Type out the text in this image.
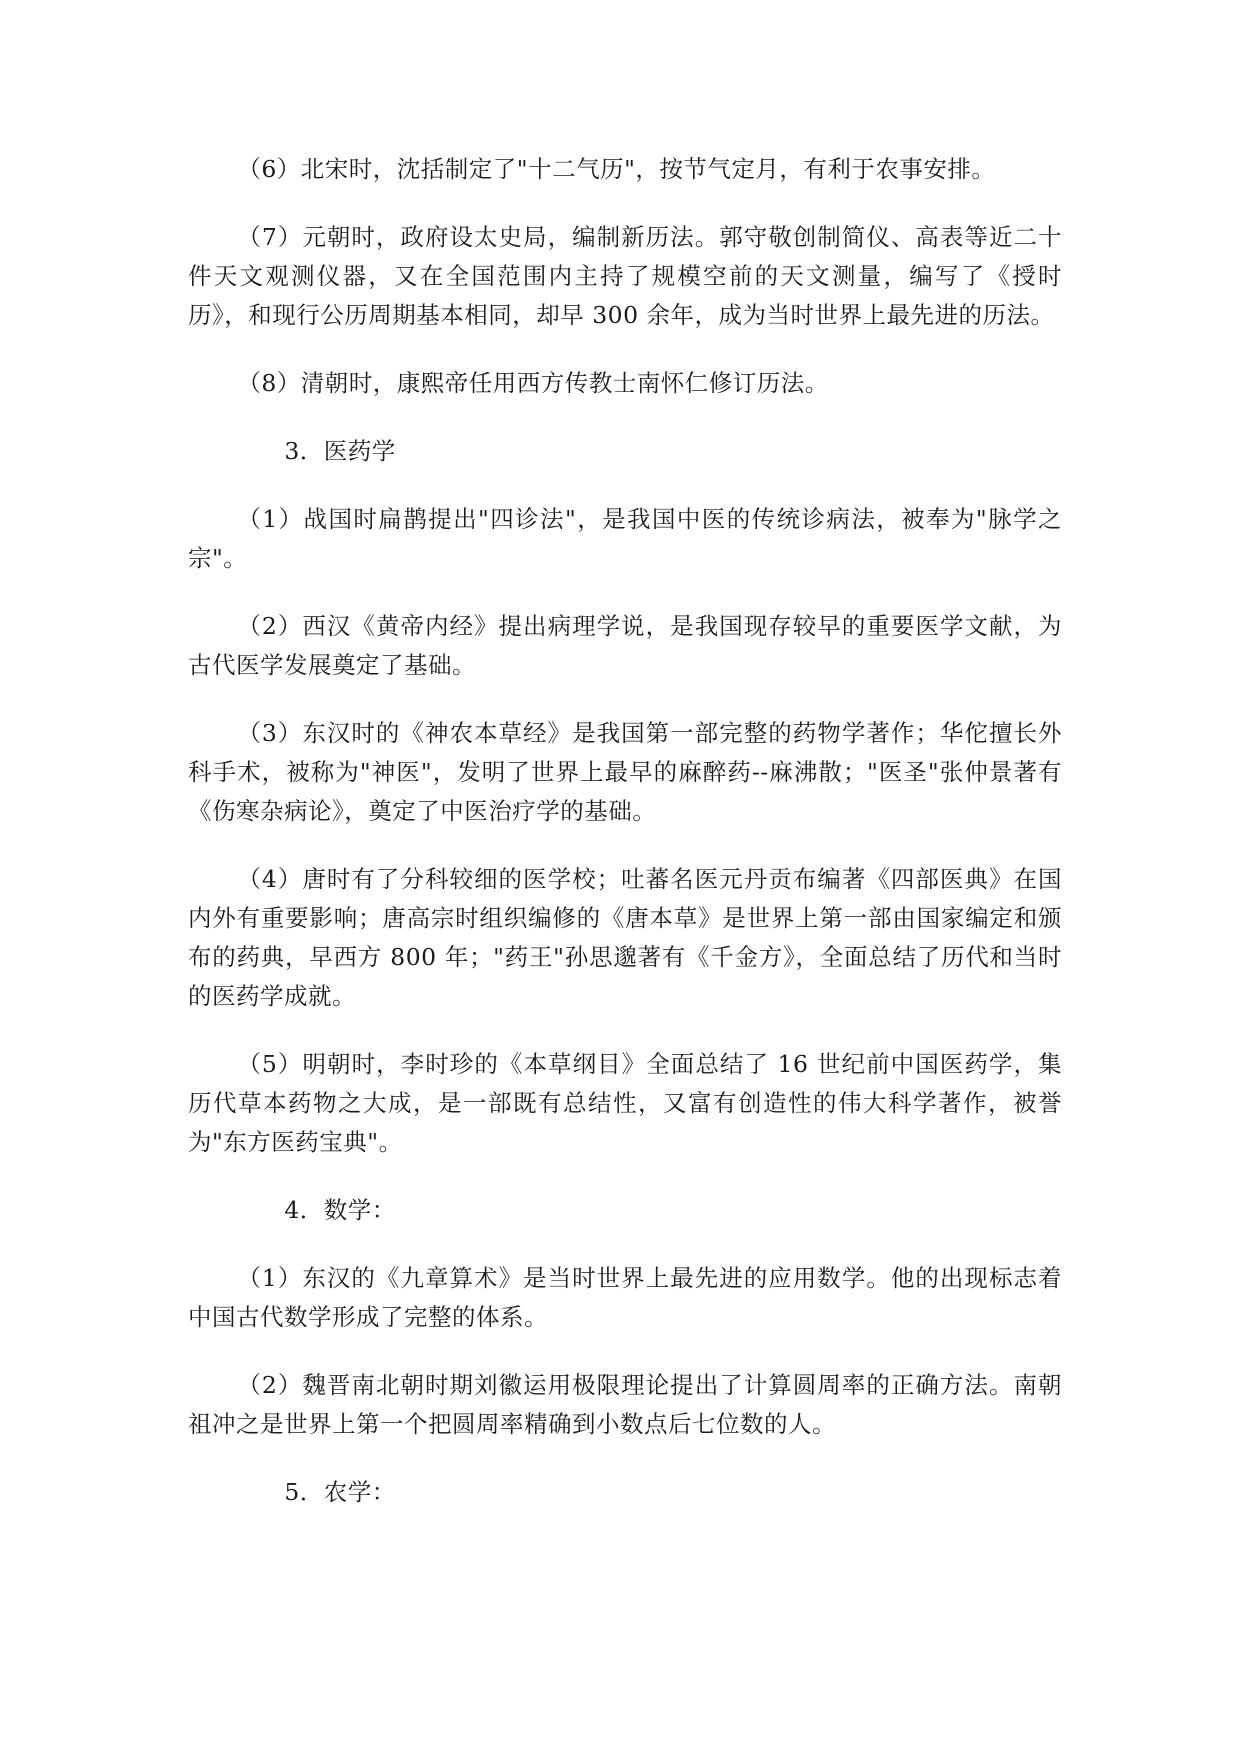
（6）北宋时，沈括制定了"十二气历"，按节气定月，有利于农事安排。

（7）元朝时，政府设太史局，编制新历法。郭守敬创制简仪、高表等近二十件天文观测仪器，又在全国范围内主持了规模空前的天文测量，编写了《授时历》，和现行公历周期基本相同，却早 300 余年，成为当时世界上最先进的历法。

（8）清朝时，康熙帝任用西方传教士南怀仁修订历法。

3．医药学

（1）战国时扁鹊提出"四诊法"，是我国中医的传统诊病法，被奉为"脉学之宗"。

（2）西汉《黄帝内经》提出病理学说，是我国现存较早的重要医学文献，为古代医学发展奠定了基础。

（3）东汉时的《神农本草经》是我国第一部完整的药物学著作；华佗擅长外科手术，被称为"神医"，发明了世界上最早的麻醉药--麻沸散；"医圣"张仲景著有《伤寒杂病论》，奠定了中医治疗学的基础。

（4）唐时有了分科较细的医学校；吐蕃名医元丹贡布编著《四部医典》在国内外有重要影响；唐高宗时组织编修的《唐本草》是世界上第一部由国家编定和颁布的药典，早西方 800 年；"药王"孙思邈著有《千金方》，全面总结了历代和当时的医药学成就。

（5）明朝时，李时珍的《本草纲目》全面总结了 16 世纪前中国医药学，集历代草本药物之大成，是一部既有总结性，又富有创造性的伟大科学著作，被誉为"东方医药宝典"。

4．数学：

（1）东汉的《九章算术》是当时世界上最先进的应用数学。他的出现标志着中国古代数学形成了完整的体系。

（2）魏晋南北朝时期刘徽运用极限理论提出了计算圆周率的正确方法。南朝祖冲之是世界上第一个把圆周率精确到小数点后七位数的人。

5．农学：
